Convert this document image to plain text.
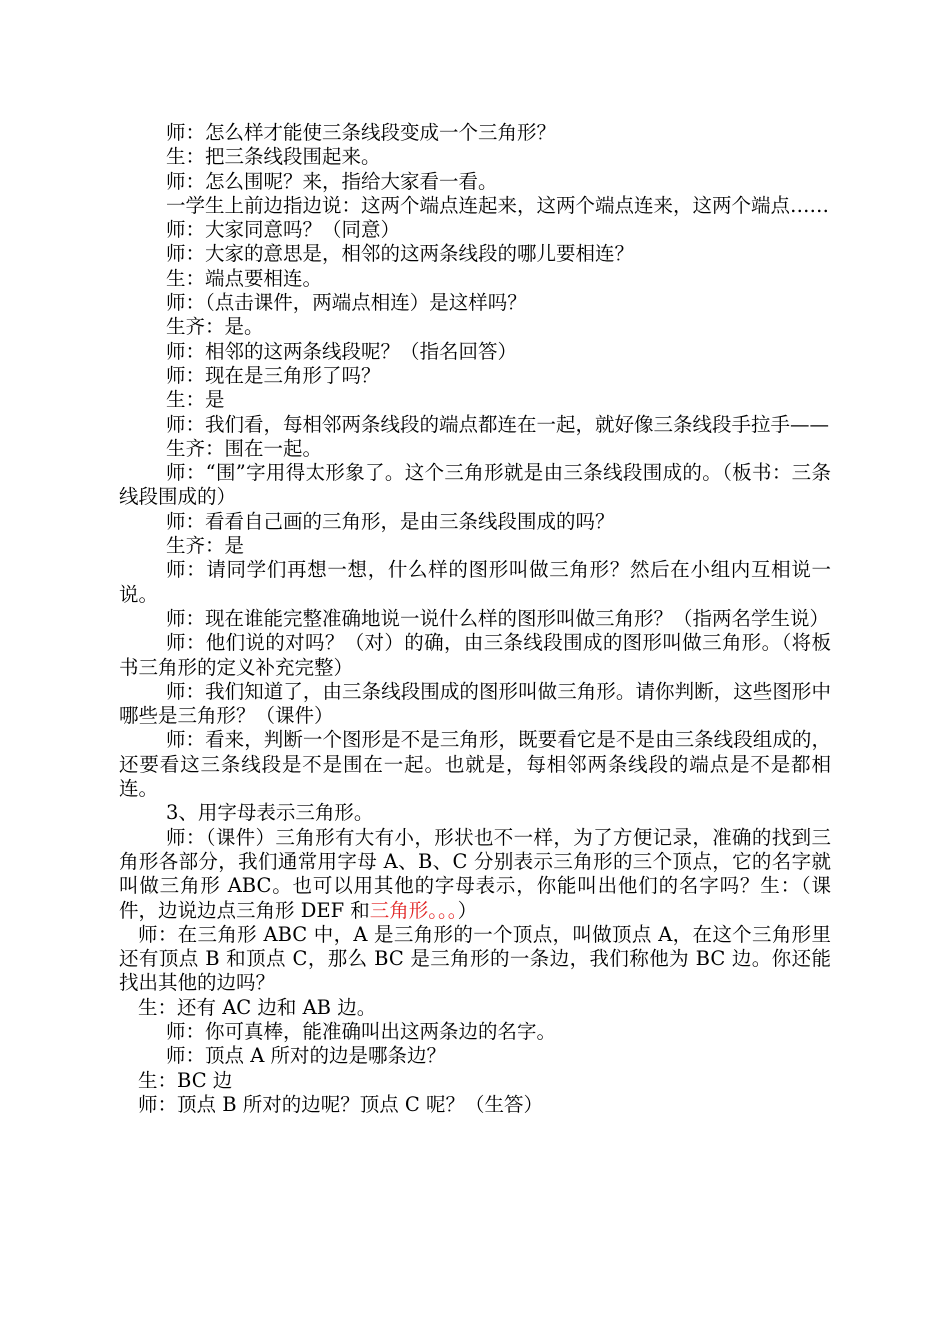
师：怎么样才能使三条线段变成一个三角形？

生：把三条线段围起来。

师：怎么围呢？来，指给大家看一看。

一学生上前边指边说：这两个端点连起来，这两个端点连来，这两个端点……

师：大家同意吗？（同意）

师：大家的意思是，相邻的这两条线段的哪儿要相连？

生：端点要相连。

师：（点击课件，两端点相连）是这样吗？

生齐：是。

师：相邻的这两条线段呢？（指名回答）

师：现在是三角形了吗？

生：是

师：我们看，每相邻两条线段的端点都连在一起，就好像三条线段手拉手——

生齐：围在一起。

师：“围”字用得太形象了。这个三角形就是由三条线段围成的。（板书：三条线段围成的）

师：看看自己画的三角形，是由三条线段围成的吗？

生齐：是

师：请同学们再想一想，什么样的图形叫做三角形？然后在小组内互相说一说。

师：现在谁能完整准确地说一说什么样的图形叫做三角形？（指两名学生说）

师：他们说的对吗？（对）的确，由三条线段围成的图形叫做三角形。（将板书三角形的定义补充完整）

师：我们知道了，由三条线段围成的图形叫做三角形。请你判断，这些图形中哪些是三角形？（课件）

师：看来，判断一个图形是不是三角形，既要看它是不是由三条线段组成的，还要看这三条线段是不是围在一起。也就是，每相邻两条线段的端点是不是都相连。

3、用字母表示三角形。

师：（课件）三角形有大有小，形状也不一样，为了方便记录，准确的找到三角形各部分，我们通常用字母 A、B、C 分别表示三角形的三个顶点，它的名字就叫做三角形 ABC。也可以用其他的字母表示，你能叫出他们的名字吗？生：（课件，边说边点三角形 DEF 和三角形。。。）

师：在三角形 ABC 中，A 是三角形的一个顶点，叫做顶点 A，在这个三角形里还有顶点 B 和顶点 C，那么 BC 是三角形的一条边，我们称他为 BC 边。你还能找出其他的边吗？

生：还有 AC 边和 AB 边。

师：你可真棒，能准确叫出这两条边的名字。

师：顶点 A 所对的边是哪条边？

生：BC 边

师：顶点 B 所对的边呢？顶点 C 呢？（生答）
